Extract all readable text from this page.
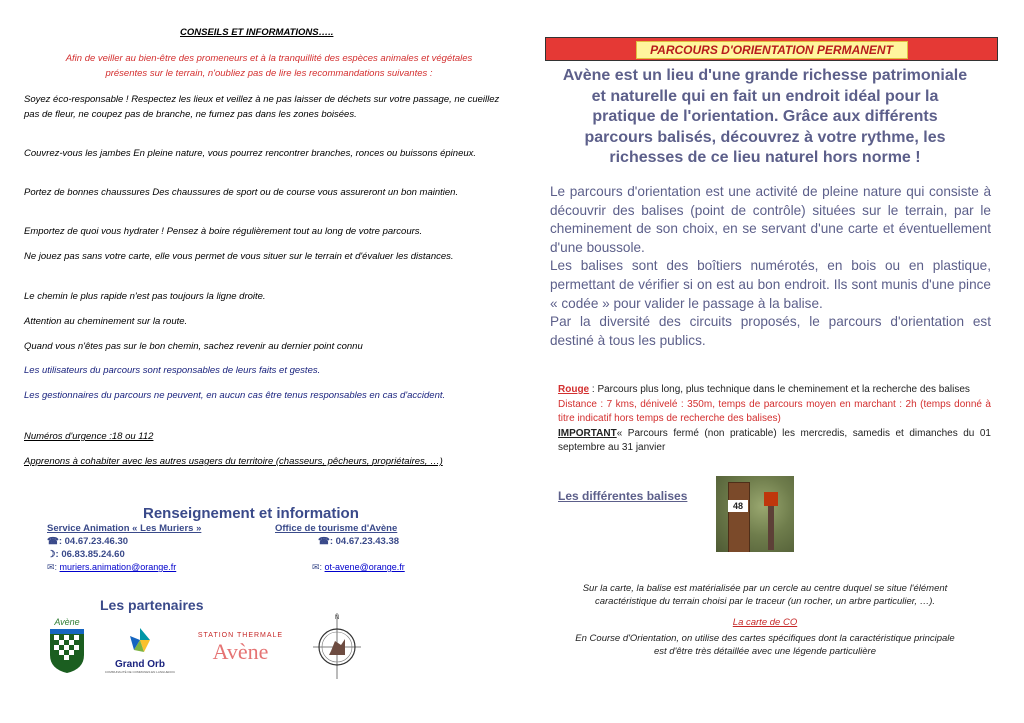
CONSEILS ET INFORMATIONS…..
Afin de veiller au bien-être des promeneurs et à la tranquillité des espèces animales et végétales présentes sur le terrain, n'oubliez pas de lire les recommandations suivantes :

Soyez éco-responsable ! Respectez les lieux et veillez à ne pas laisser de déchets sur votre passage, ne cueillez pas de fleur, ne coupez pas de branche, ne fumez pas dans les zones boisées.

Couvrez-vous les jambes En pleine nature, vous pourrez rencontrer branches, ronces ou buissons épineux.

Portez de bonnes chaussures Des chaussures de sport ou de course vous assureront un bon maintien.

Emportez de quoi vous hydrater ! Pensez à boire régulièrement tout au long de votre parcours.

Ne jouez pas sans votre carte, elle vous permet de vous situer sur le terrain et d'évaluer les distances.

Le chemin le plus rapide n'est pas toujours la ligne droite.

Attention au cheminement sur la route.

Quand vous n'êtes pas sur le bon chemin, sachez revenir au dernier point connu

Les utilisateurs du parcours sont responsables de leurs faits et gestes.

Les gestionnaires du parcours ne peuvent, en aucun cas être tenus responsables en cas d'accident.

Numéros d'urgence :18 ou 112

Apprenons à cohabiter avec les autres usagers du territoire (chasseurs, pêcheurs, propriétaires, …)

Renseignement et information
Service Animation « Les Muriers »	Office de tourisme d'Avène
☎: 04.67.23.46.30	☎: 04.67.23.43.38
☽: 06.83.85.24.60
✉: muriers.animation@orange.fr	✉: ot-avene@orange.fr
Les partenaires
Avène
Grand Orb
COMMUNAUTÉ DE COMMUNES EN LANGUEDOC
STATION THERMALE
Avène
N
PARCOURS D'ORIENTATION PERMANENT
Avène est un lieu d'une grande richesse patrimoniale
et naturelle qui en fait un endroit idéal pour la
pratique de l'orientation. Grâce aux différents
parcours balisés, découvrez à votre rythme, les
richesses de ce lieu naturel hors norme !
Le parcours d'orientation est une activité de pleine nature qui consiste à découvrir des balises (point de contrôle) situées sur le terrain, par le cheminement de son choix, en se servant d'une carte et éventuellement d'une boussole.
Les balises sont des boîtiers numérotés, en bois ou en plastique, permettant de vérifier si on est au bon endroit. Ils sont munis d'une pince « codée » pour valider le passage à la balise.
Par la diversité des circuits proposés, le parcours d'orientation est destiné à tous les publics.
Rouge : Parcours plus long, plus technique dans le cheminement et la recherche des balises
Distance : 7 kms, dénivelé : 350m, temps de parcours moyen en marchant : 2h (temps donné à titre indicatif hors temps de recherche des balises)
IMPORTANT« Parcours fermé (non praticable) les mercredis, samedis et dimanches du 01 septembre au 31 janvier
Les différentes balises
48
Sur la carte, la balise est matérialisée par un cercle au centre duquel se situe l'élément
caractéristique du terrain choisi par le traceur (un rocher, un arbre particulier, …).
La carte de CO
En Course d'Orientation, on utilise des cartes spécifiques dont la caractéristique principale
est d'être très détaillée avec une légende particulière
